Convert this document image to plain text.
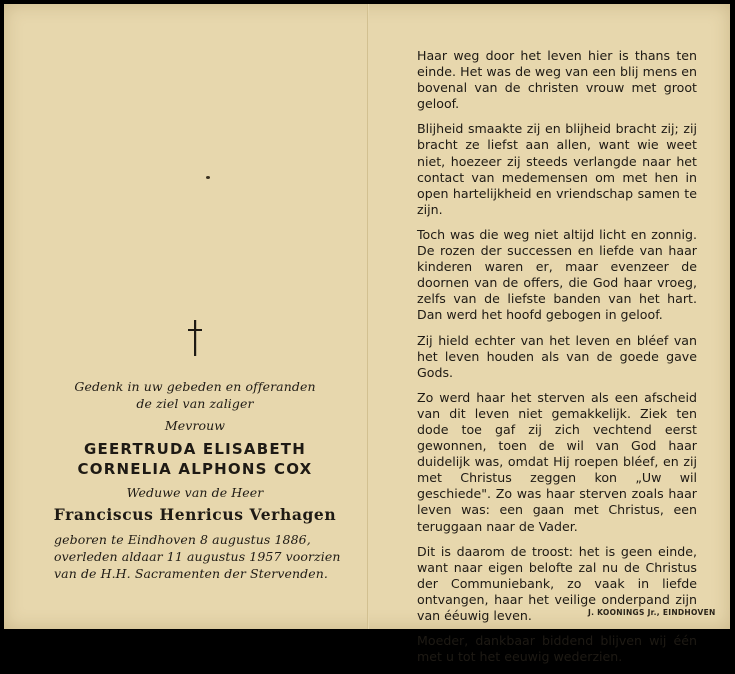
Gedenk in uw gebeden en offeranden
de ziel van zaliger
Mevrouw
GEERTRUDA ELISABETH
CORNELIA ALPHONS COX
Weduwe van de Heer
Franciscus Henricus Verhagen
geboren te Eindhoven 8 augustus 1886,
overleden aldaar 11 augustus 1957 voorzien
van de H.H. Sacramenten der Stervenden.

Haar weg door het leven hier is thans ten einde. Het was de weg van een blij mens en bovenal van de christen vrouw met groot geloof.

Blijheid smaakte zij en blijheid bracht zij; zij bracht ze liefst aan allen, want wie weet niet, hoezeer zij steeds verlangde naar het contact van medemensen om met hen in open hartelijkheid en vriendschap samen te zijn.

Toch was die weg niet altijd licht en zonnig. De rozen der successen en liefde van haar kinderen waren er, maar evenzeer de doornen van de offers, die God haar vroeg, zelfs van de liefste banden van het hart. Dan werd het hoofd gebogen in geloof.

Zij hield echter van het leven en bléef van het leven houden als van de goede gave Gods.

Zo werd haar het sterven als een afscheid van dit leven niet gemakkelijk. Ziek ten dode toe gaf zij zich vechtend eerst gewonnen, toen de wil van God haar duidelijk was, omdat Hij roepen bléef, en zij met Christus zeggen kon „Uw wil geschiede". Zo was haar sterven zoals haar leven was: een gaan met Christus, een teruggaan naar de Vader.

Dit is daarom de troost: het is geen einde, want naar eigen belofte zal nu de Christus der Communiebank, zo vaak in liefde ontvangen, haar het veilige onderpand zijn van ééuwig leven.

Moeder, dankbaar biddend blijven wij één met u tot het eeuwig wederzien.

J. KOONINGS Jr., EINDHOVEN
